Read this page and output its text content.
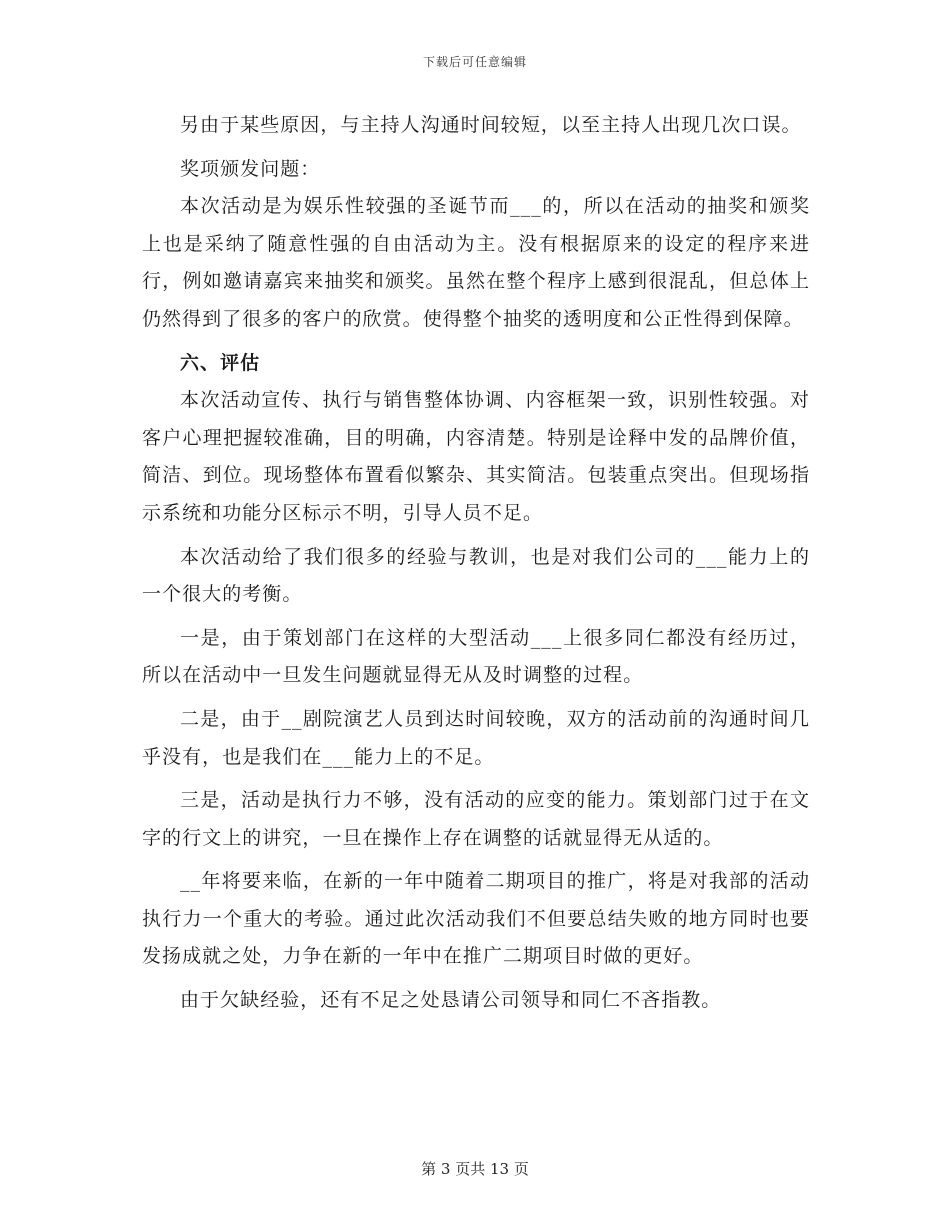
下载后可任意编辑

另由于某些原因，与主持人沟通时间较短，以至主持人出现几次口误。

奖项颁发问题：

本次活动是为娱乐性较强的圣诞节而___的，所以在活动的抽奖和颁奖上也是采纳了随意性强的自由活动为主。没有根据原来的设定的程序来进行，例如邀请嘉宾来抽奖和颁奖。虽然在整个程序上感到很混乱，但总体上仍然得到了很多的客户的欣赏。使得整个抽奖的透明度和公正性得到保障。

六、评估

本次活动宣传、执行与销售整体协调、内容框架一致，识别性较强。对客户心理把握较准确，目的明确，内容清楚。特别是诠释中发的品牌价值，简洁、到位。现场整体布置看似繁杂、其实简洁。包装重点突出。但现场指示系统和功能分区标示不明，引导人员不足。

本次活动给了我们很多的经验与教训，也是对我们公司的___能力上的一个很大的考衡。

一是，由于策划部门在这样的大型活动___上很多同仁都没有经历过，所以在活动中一旦发生问题就显得无从及时调整的过程。

二是，由于__剧院演艺人员到达时间较晚，双方的活动前的沟通时间几乎没有，也是我们在___能力上的不足。

三是，活动是执行力不够，没有活动的应变的能力。策划部门过于在文字的行文上的讲究，一旦在操作上存在调整的话就显得无从适的。

__年将要来临，在新的一年中随着二期项目的推广，将是对我部的活动执行力一个重大的考验。通过此次活动我们不但要总结失败的地方同时也要发扬成就之处，力争在新的一年中在推广二期项目时做的更好。

由于欠缺经验，还有不足之处恳请公司领导和同仁不吝指教。

第 3 页共 13 页
